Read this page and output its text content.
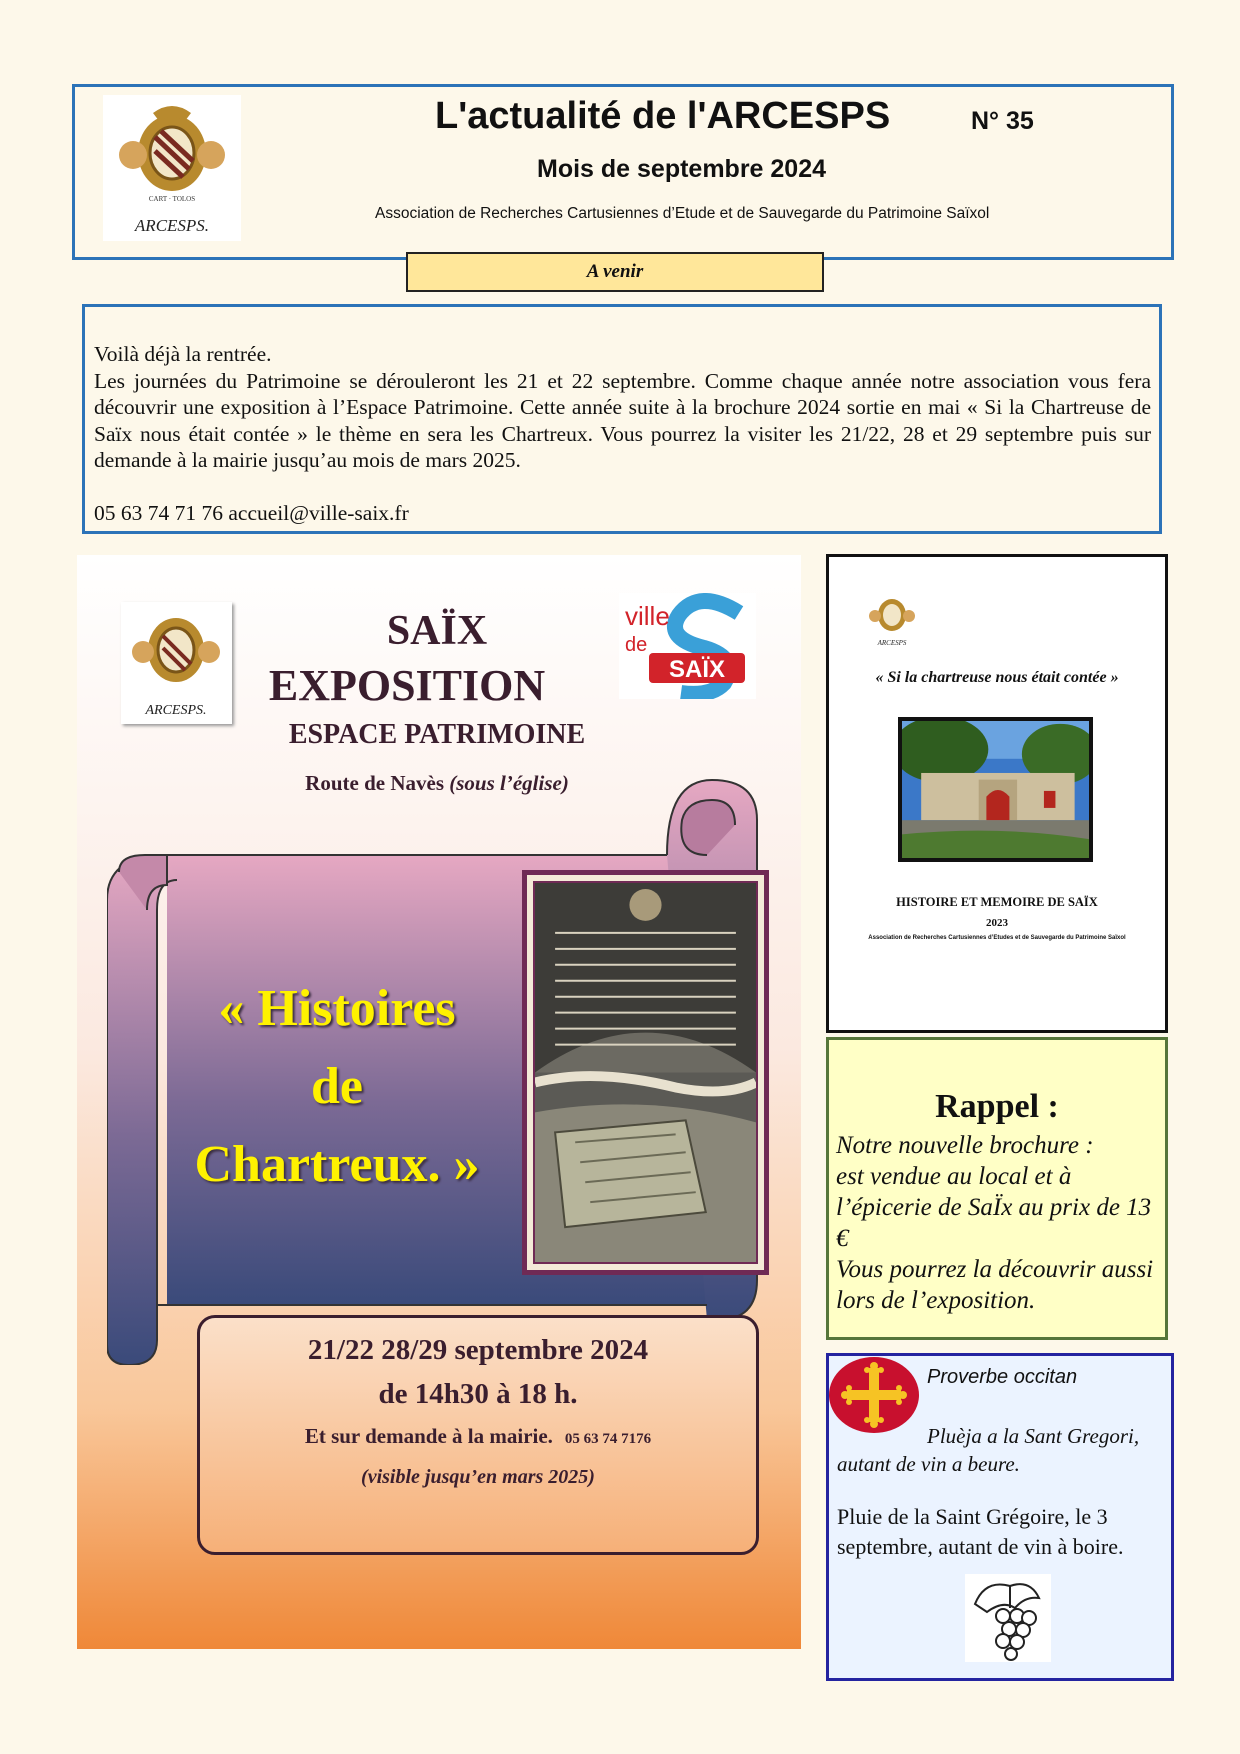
CART · TOLOS
ARCESPS.
L'actualité de l'ARCESPS	N° 35
Mois de septembre 2024
Association de Recherches Cartusiennes d’Etude et de Sauvegarde du Patrimoine Saïxol
A venir

Voilà déjà la rentrée.

Les journées du Patrimoine se dérouleront les 21 et 22 septembre. Comme chaque année notre association vous fera découvrir une exposition à l’Espace Patrimoine. Cette année suite à la brochure 2024 sortie en mai « Si la Chartreuse de Saïx nous était contée » le thème en sera les Chartreux. Vous pourrez la visiter les 21/22, 28 et 29 septembre puis sur demande à la mairie jusqu’au mois de mars 2025.

05 63 74 71 76 accueil@ville-saix.fr

ARCESPS.
ville
de
SAÏX
SAÏX
EXPOSITION
ESPACE PATRIMOINE
Route de Navès (sous l’église)
« Histoires
de
Chartreux. »
21/22 28/29 septembre 2024
de 14h30 à 18 h.
Et sur demande à la mairie. 05 63 74 7176
(visible jusqu’en mars 2025)
ARCESPS
« Si la chartreuse nous était contée »
HISTOIRE ET MEMOIRE DE SAÏX
2023
Association de Recherches Cartusiennes d’Etudes et de Sauvegarde du Patrimoine Saïxol
Rappel :
Notre nouvelle brochure :
est vendue au local et à l’épicerie de SaЇx au prix de 13 €
Vous pourrez la découvrir aussi lors de l’exposition.
Proverbe occitan
Pluèja a la Sant Gregori, autant de vin a beure.
Pluie de la Saint Grégoire, le 3 septembre, autant de vin à boire.
